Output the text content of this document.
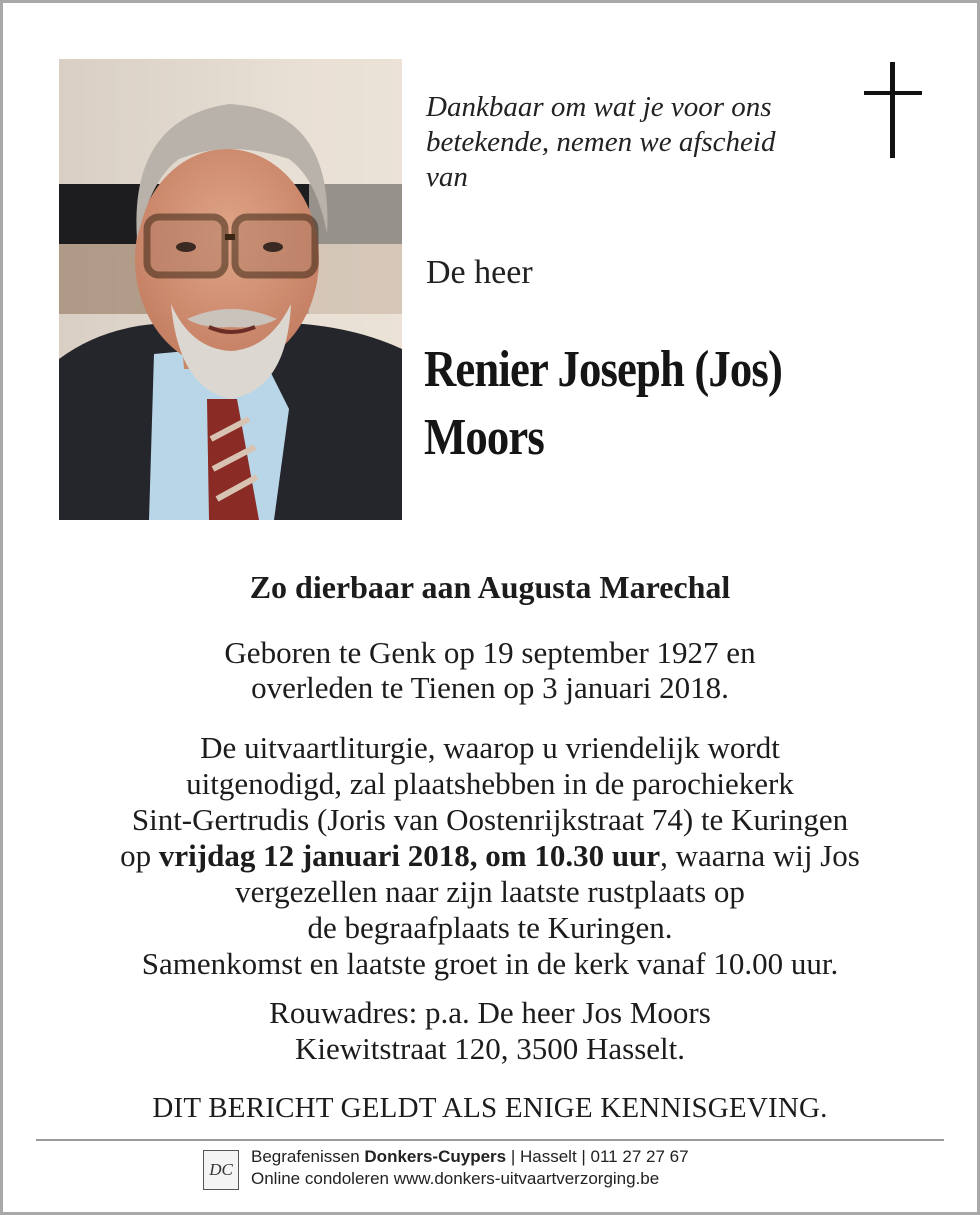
Dankbaar om wat je voor ons
betekende, nemen we afscheid
van
De heer
Renier Joseph (Jos)
Moors
Zo dierbaar aan Augusta Marechal
Geboren te Genk op 19 september 1927 en
overleden te Tienen op 3 januari 2018.
De uitvaartliturgie, waarop u vriendelijk wordt
uitgenodigd, zal plaatshebben in de parochiekerk
Sint-Gertrudis (Joris van Oostenrijkstraat 74) te Kuringen
op vrijdag 12 januari 2018, om 10.30 uur, waarna wij Jos
vergezellen naar zijn laatste rustplaats op
de begraafplaats te Kuringen.
Samenkomst en laatste groet in de kerk vanaf 10.00 uur.
Rouwadres: p.a. De heer Jos Moors
Kiewitstraat 120, 3500 Hasselt.
DIT BERICHT GELDT ALS ENIGE KENNISGEVING.
DC
Begrafenissen Donkers-Cuypers | Hasselt | 011 27 27 67
Online condoleren www.donkers-uitvaartverzorging.be
